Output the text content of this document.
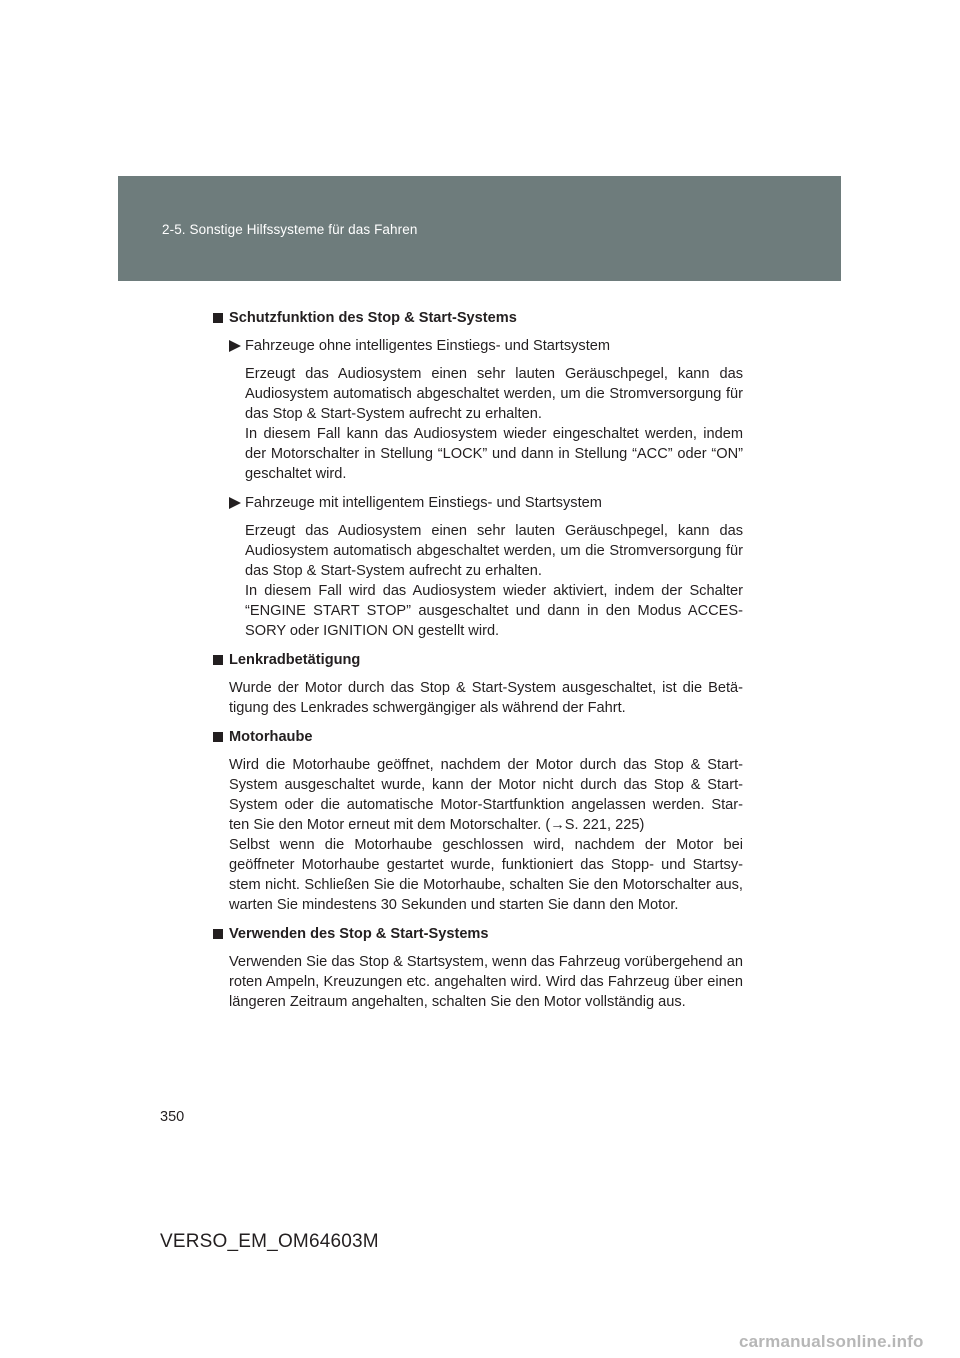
2-5. Sonstige Hilfssysteme für das Fahren
Schutzfunktion des Stop & Start-Systems
Fahrzeuge ohne intelligentes Einstiegs- und Startsystem

Erzeugt das Audiosystem einen sehr lauten Geräuschpegel, kann das Audiosystem automatisch abgeschaltet werden, um die Stromversorgung für das Stop & Start-System aufrecht zu erhalten.

In diesem Fall kann das Audiosystem wieder eingeschaltet werden, indem der Motorschalter in Stellung “LOCK” und dann in Stellung “ACC” oder “ON” geschaltet wird.

Fahrzeuge mit intelligentem Einstiegs- und Startsystem

Erzeugt das Audiosystem einen sehr lauten Geräuschpegel, kann das Audiosystem automatisch abgeschaltet werden, um die Stromversorgung für das Stop & Start-System aufrecht zu erhalten.

In diesem Fall wird das Audiosystem wieder aktiviert, indem der Schalter “ENGINE START STOP” ausgeschaltet und dann in den Modus ACCES-SORY oder IGNITION ON gestellt wird.

Lenkradbetätigung

Wurde der Motor durch das Stop & Start-System ausgeschaltet, ist die Betä-tigung des Lenkrades schwergängiger als während der Fahrt.

Motorhaube

Wird die Motorhaube geöffnet, nachdem der Motor durch das Stop & Start-System ausgeschaltet wurde, kann der Motor nicht durch das Stop & Start-System oder die automatische Motor-Startfunktion angelassen werden. Star-ten Sie den Motor erneut mit dem Motorschalter. (→S. 221, 225)

Selbst wenn die Motorhaube geschlossen wird, nachdem der Motor bei geöffneter Motorhaube gestartet wurde, funktioniert das Stopp- und Startsy-stem nicht. Schließen Sie die Motorhaube, schalten Sie den Motorschalter aus, warten Sie mindestens 30 Sekunden und starten Sie dann den Motor.

Verwenden des Stop & Start-Systems

Verwenden Sie das Stop & Startsystem, wenn das Fahrzeug vorübergehend an roten Ampeln, Kreuzungen etc. angehalten wird. Wird das Fahrzeug über einen längeren Zeitraum angehalten, schalten Sie den Motor vollständig aus.

350
VERSO_EM_OM64603M
carmanualsonline.info
